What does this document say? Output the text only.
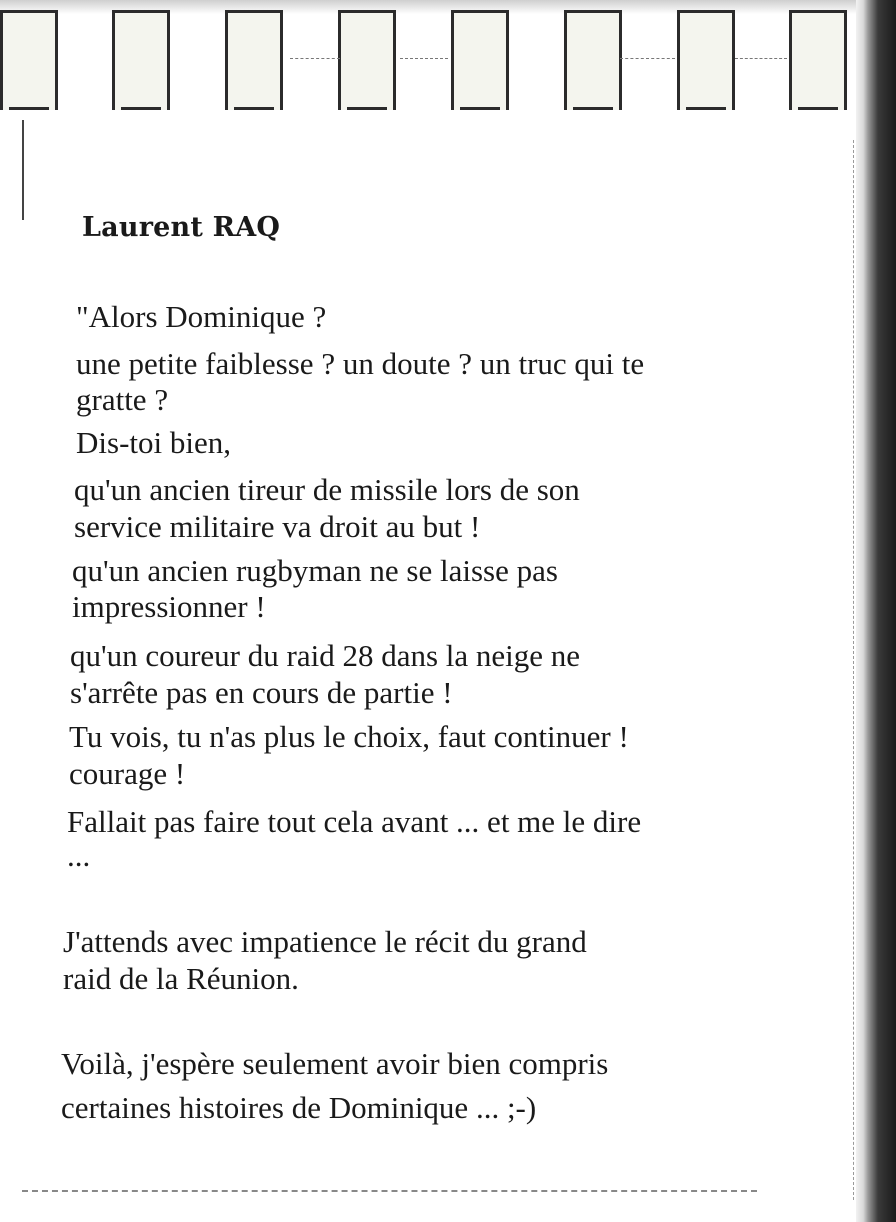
Laurent RAQ
"Alors Dominique ?
une petite faiblesse ? un doute ? un truc qui te
gratte ?
Dis-toi bien,
qu'un ancien tireur de missile lors de son
service militaire va droit au but !
qu'un ancien rugbyman ne se laisse pas
impressionner !
qu'un coureur du raid 28 dans la neige ne
s'arrête pas en cours de partie !
Tu vois, tu n'as plus le choix, faut continuer !
courage !
Fallait pas faire tout cela avant ... et me le dire
...
J'attends avec impatience le récit du grand
raid de la Réunion.
Voilà, j'espère seulement avoir bien compris
certaines histoires de Dominique ... ;-)
